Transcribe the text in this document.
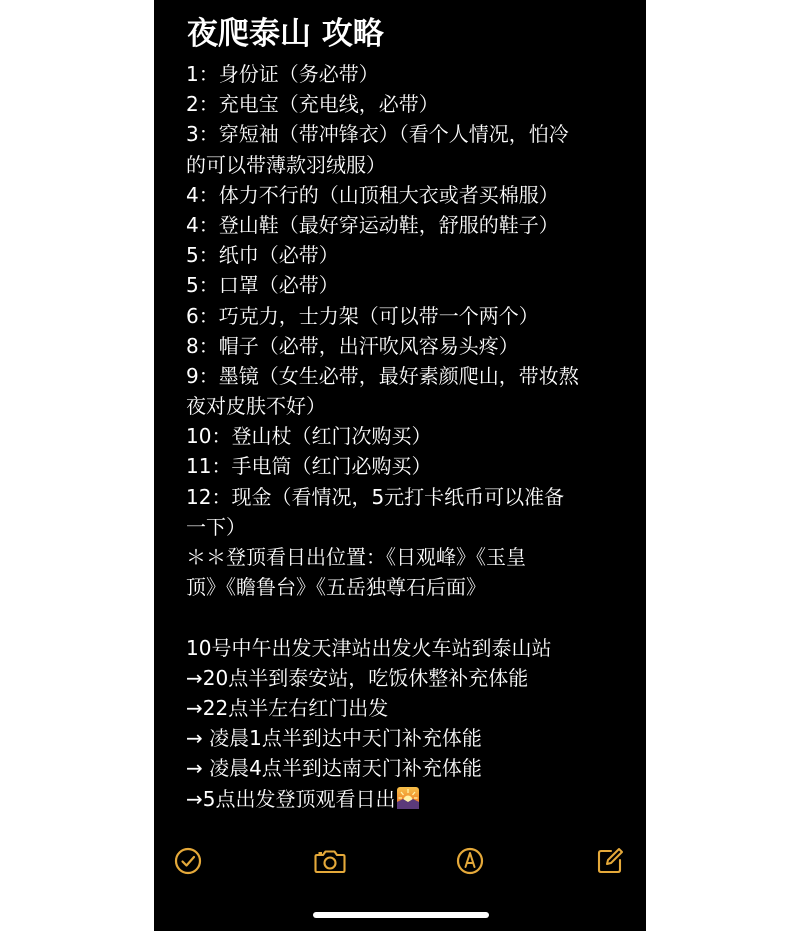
夜爬泰山 攻略
1：身份证（务必带）
2：充电宝（充电线，必带）
3：穿短袖（带冲锋衣）（看个人情况，怕冷
的可以带薄款羽绒服）
4：体力不行的（山顶租大衣或者买棉服）
4：登山鞋（最好穿运动鞋，舒服的鞋子）
5：纸巾（必带）
5：口罩（必带）
6：巧克力，士力架（可以带一个两个）
8：帽子（必带，出汗吹风容易头疼）
9：墨镜（女生必带，最好素颜爬山，带妆熬
夜对皮肤不好）
10：登山杖（红门次购买）
11：手电筒（红门必购买）
12：现金（看情况，5元打卡纸币可以准备
一下）
＊＊登顶看日出位置：《日观峰》《玉皇
顶》《瞻鲁台》《五岳独尊石后面》
10号中午出发天津站出发火车站到泰山站
→20点半到泰安站，吃饭休整补充体能
→22点半左右红门出发
→ 凌晨1点半到达中天门补充体能
→ 凌晨4点半到达南天门补充体能
→5点出发登顶观看日出
